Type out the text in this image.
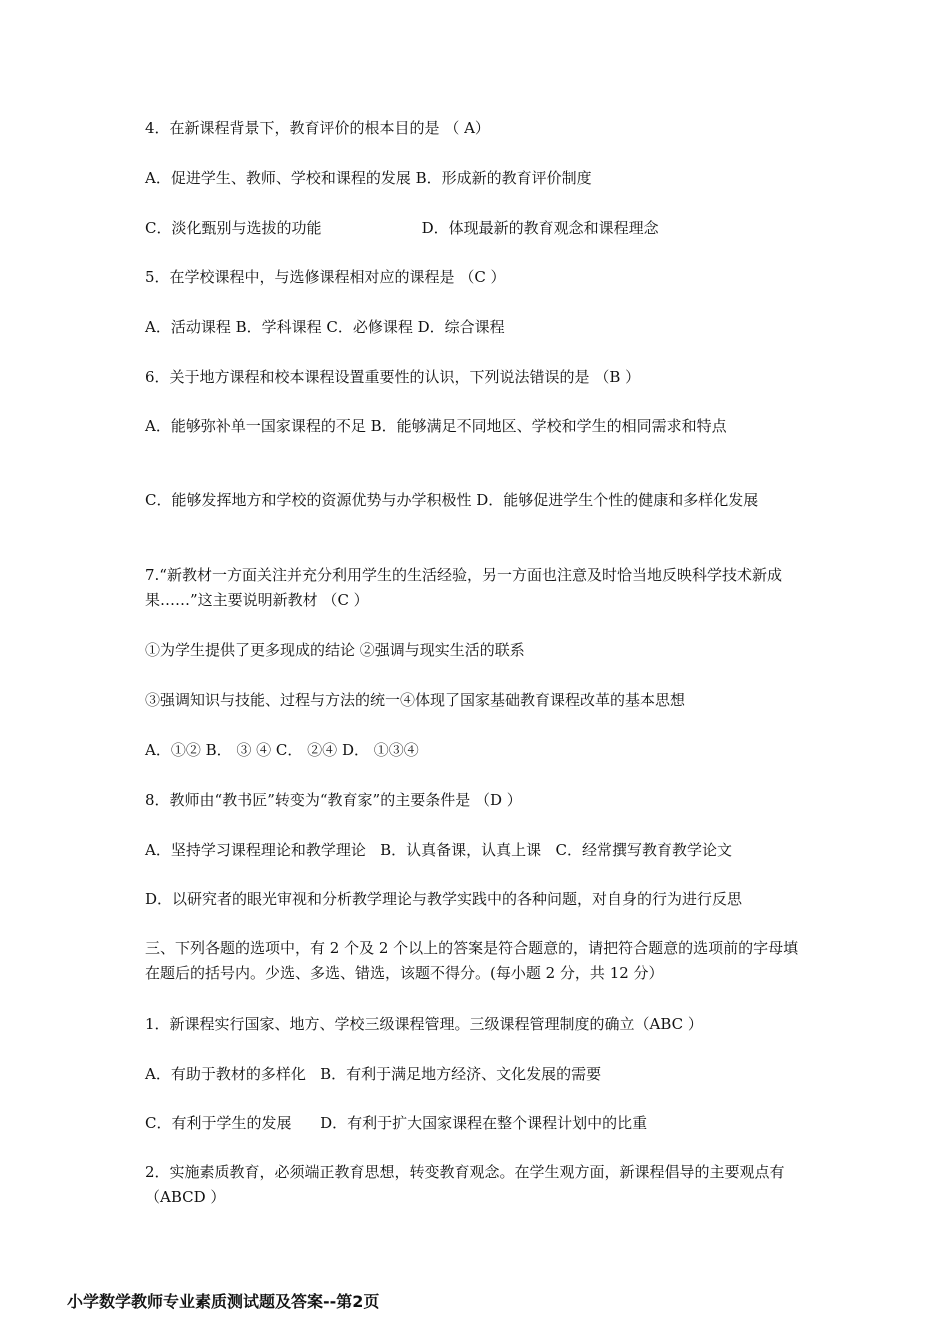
4．在新课程背景下，教育评价的根本目的是 （ A）
A．促进学生、教师、学校和课程的发展 B．形成新的教育评价制度
C．淡化甄别与选拔的功能                     D．体现最新的教育观念和课程理念
5．在学校课程中，与选修课程相对应的课程是 （C ）
A．活动课程 B．学科课程 C．必修课程 D．综合课程
6．关于地方课程和校本课程设置重要性的认识，下列说法错误的是 （B ）
A．能够弥补单一国家课程的不足 B．能够满足不同地区、学校和学生的相同需求和特点
C．能够发挥地方和学校的资源优势与办学积极性 D．能够促进学生个性的健康和多样化发展
7.“新教材一方面关注并充分利用学生的生活经验，另一方面也注意及时恰当地反映科学技术新成果……”这主要说明新教材 （C ）
①为学生提供了更多现成的结论 ②强调与现实生活的联系
③强调知识与技能、过程与方法的统一④体现了国家基础教育课程改革的基本思想
A．①② B． ③ ④ C． ②④ D． ①③④
8．教师由“教书匠”转变为“教育家”的主要条件是 （D ）
A．坚持学习课程理论和教学理论   B．认真备课，认真上课   C．经常撰写教育教学论文
D．以研究者的眼光审视和分析教学理论与教学实践中的各种问题，对自身的行为进行反思
三、下列各题的选项中，有 2 个及 2 个以上的答案是符合题意的，请把符合题意的选项前的字母填在题后的括号内。少选、多选、错选，该题不得分。(每小题 2 分，共 12 分）
1．新课程实行国家、地方、学校三级课程管理。三级课程管理制度的确立（ABC ）
A．有助于教材的多样化   B．有利于满足地方经济、文化发展的需要
C．有利于学生的发展      D．有利于扩大国家课程在整个课程计划中的比重
2．实施素质教育，必须端正教育思想，转变教育观念。在学生观方面，新课程倡导的主要观点有 （ABCD ）
小学数学教师专业素质测试题及答案--第2页
